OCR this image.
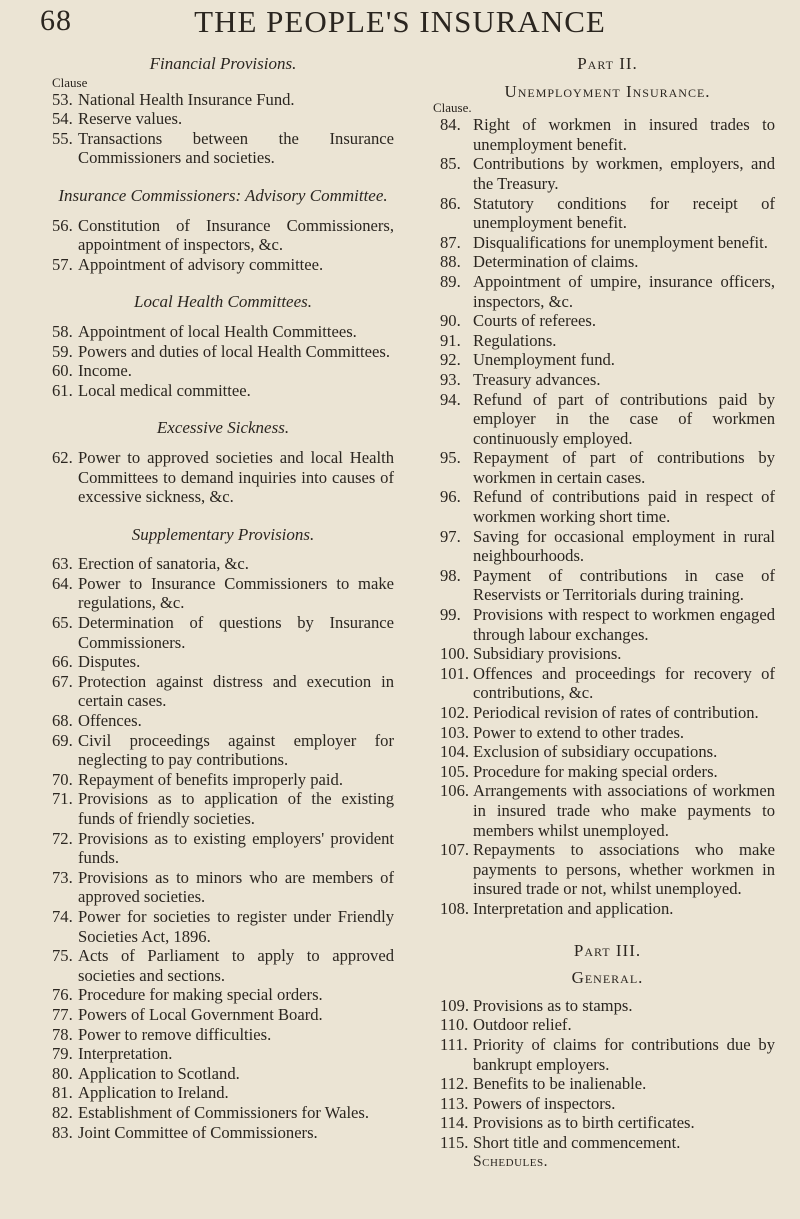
68	THE PEOPLE'S INSURANCE

Financial Provisions.

Clause

53. National Health Insurance Fund.
54. Reserve values.
55. Transactions between the Insurance Commissioners and societies.

Insurance Commissioners: Advisory Committee.

56. Constitution of Insurance Commissioners, appointment of inspectors, &c.
57. Appointment of advisory committee.

Local Health Committees.

58. Appointment of local Health Committees.
59. Powers and duties of local Health Committees.
60. Income.
61. Local medical committee.

Excessive Sickness.

62. Power to approved societies and local Health Committees to demand inquiries into causes of excessive sickness, &c.

Supplementary Provisions.

63. Erection of sanatoria, &c.
64. Power to Insurance Commissioners to make regulations, &c.
65. Determination of questions by Insurance Commissioners.
66. Disputes.
67. Protection against distress and execution in certain cases.
68. Offences.
69. Civil proceedings against employer for neglecting to pay contributions.
70. Repayment of benefits improperly paid.
71. Provisions as to application of the existing funds of friendly societies.
72. Provisions as to existing employers' provident funds.
73. Provisions as to minors who are members of approved societies.
74. Power for societies to register under Friendly Societies Act, 1896.
75. Acts of Parliament to apply to approved societies and sections.
76. Procedure for making special orders.
77. Powers of Local Government Board.
78. Power to remove difficulties.
79. Interpretation.
80. Application to Scotland.
81. Application to Ireland.
82. Establishment of Commissioners for Wales.
83. Joint Committee of Commissioners.

Part II.

Unemployment Insurance.

Clause.

84. Right of workmen in insured trades to unemployment benefit.
85. Contributions by workmen, employers, and the Treasury.
86. Statutory conditions for receipt of unemployment benefit.
87. Disqualifications for unemployment benefit.
88. Determination of claims.
89. Appointment of umpire, insurance officers, inspectors, &c.
90. Courts of referees.
91. Regulations.
92. Unemployment fund.
93. Treasury advances.
94. Refund of part of contributions paid by employer in the case of workmen continuously employed.
95. Repayment of part of contributions by workmen in certain cases.
96. Refund of contributions paid in respect of workmen working short time.
97. Saving for occasional employment in rural neighbourhoods.
98. Payment of contributions in case of Reservists or Territorials during training.
99. Provisions with respect to workmen engaged through labour exchanges.
100. Subsidiary provisions.
101. Offences and proceedings for recovery of contributions, &c.
102. Periodical revision of rates of contribution.
103. Power to extend to other trades.
104. Exclusion of subsidiary occupations.
105. Procedure for making special orders.
106. Arrangements with associations of workmen in insured trade who make payments to members whilst unemployed.
107. Repayments to associations who make payments to persons, whether workmen in insured trade or not, whilst unemployed.
108. Interpretation and application.

Part III.

General.

109. Provisions as to stamps.
110. Outdoor relief.
111. Priority of claims for contributions due by bankrupt employers.
112. Benefits to be inalienable.
113. Powers of inspectors.
114. Provisions as to birth certificates.
115. Short title and commencement.
Schedules.
